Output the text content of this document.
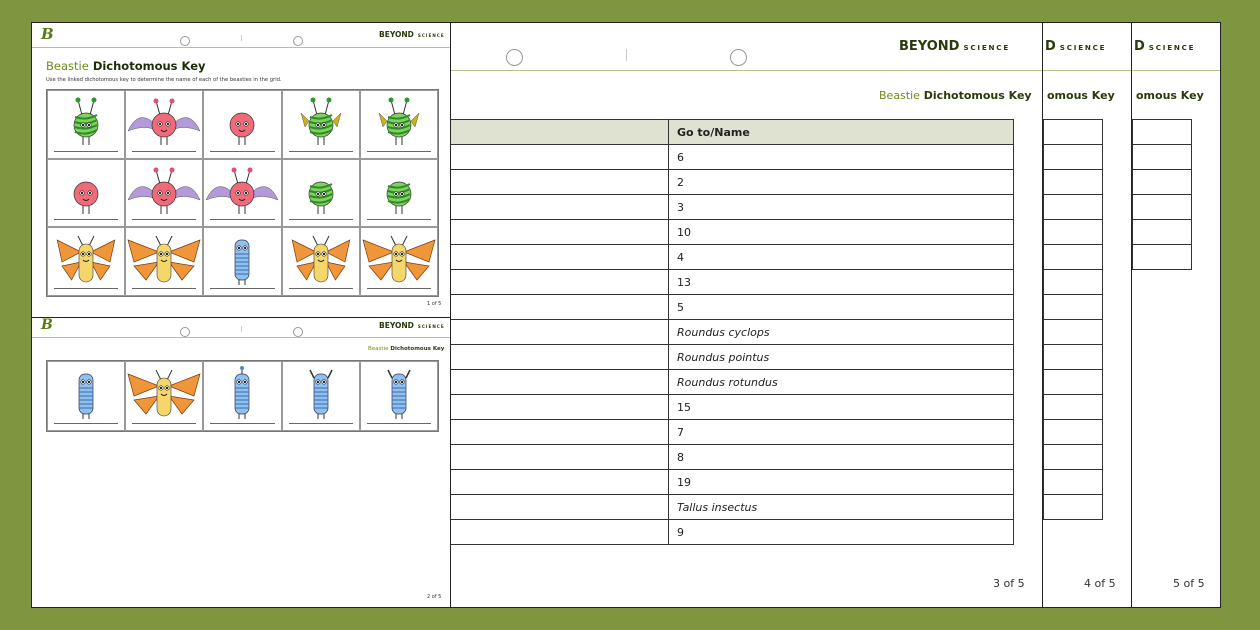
DSCIENCE
omous Key

5 of 5
DSCIENCE
omous Key

4 of 5
BEYOND SCIENCE
Beastie Dichotomous Key
	Go to/Name
	6
	2
	3
	10
	4
	13
	5
	Roundus cyclops
	Roundus pointus
	Roundus rotundus
	15
	7
	8
	19
	Tallus insectus
	9
3 of 5
B	BEYOND SCIENCE
Beastie Dichotomous Key
Use the linked dichotomous key to determine the name of each of the beasties in the grid.
1 of 5
B	BEYOND SCIENCE
Beastie Dichotomous Key
2 of 5
